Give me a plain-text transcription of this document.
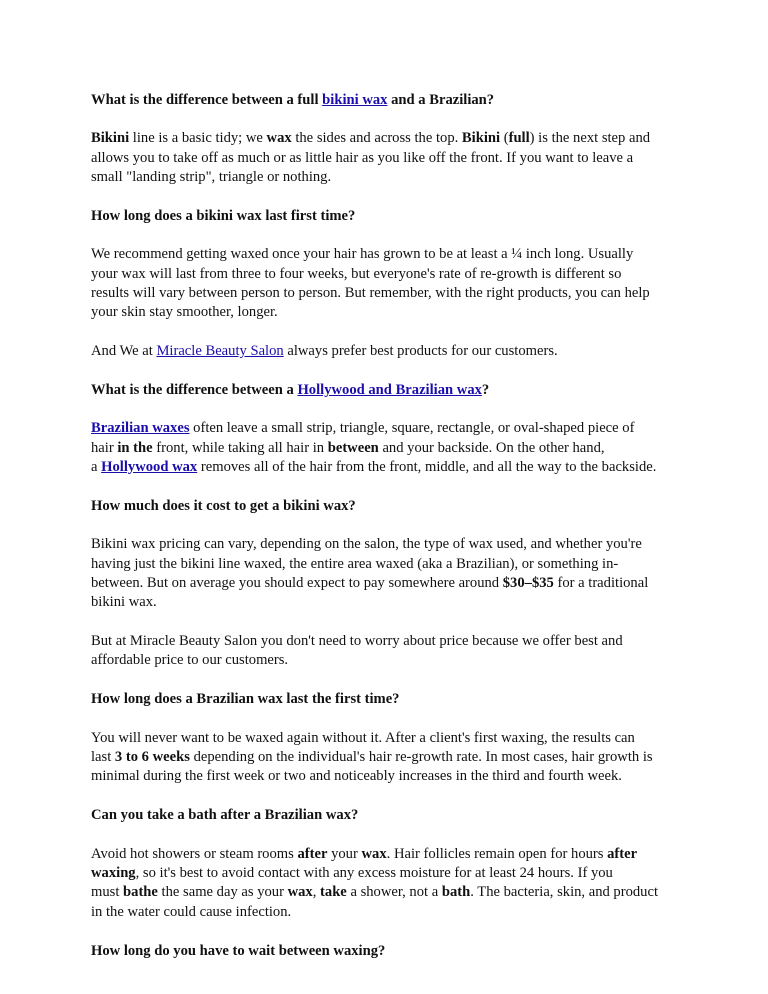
What is the difference between a full bikini wax and a Brazilian?

Bikini line is a basic tidy; we wax the sides and across the top. Bikini (full) is the next step and
allows you to take off as much or as little hair as you like off the front. If you want to leave a
small "landing strip", triangle or nothing.

How long does a bikini wax last first time?

We recommend getting waxed once your hair has grown to be at least a ¼ inch long. Usually
your wax will last from three to four weeks, but everyone's rate of re-growth is different so
results will vary between person to person. But remember, with the right products, you can help
your skin stay smoother, longer.

And We at Miracle Beauty Salon always prefer best products for our customers.

What is the difference between a Hollywood and Brazilian wax?

Brazilian waxes often leave a small strip, triangle, square, rectangle, or oval-shaped piece of
hair in the front, while taking all hair in between and your backside. On the other hand,
a Hollywood wax removes all of the hair from the front, middle, and all the way to the backside.

How much does it cost to get a bikini wax?

Bikini wax pricing can vary, depending on the salon, the type of wax used, and whether you're
having just the bikini line waxed, the entire area waxed (aka a Brazilian), or something in-
between. But on average you should expect to pay somewhere around $30–$35 for a traditional
bikini wax.

But at Miracle Beauty Salon you don't need to worry about price because we offer best and
affordable price to our customers.

How long does a Brazilian wax last the first time?

You will never want to be waxed again without it. After a client's first waxing, the results can
last 3 to 6 weeks depending on the individual's hair re-growth rate. In most cases, hair growth is
minimal during the first week or two and noticeably increases in the third and fourth week.

Can you take a bath after a Brazilian wax?

Avoid hot showers or steam rooms after your wax. Hair follicles remain open for hours after
waxing, so it's best to avoid contact with any excess moisture for at least 24 hours. If you
must bathe the same day as your wax, take a shower, not a bath. The bacteria, skin, and product
in the water could cause infection.

How long do you have to wait between waxing?
